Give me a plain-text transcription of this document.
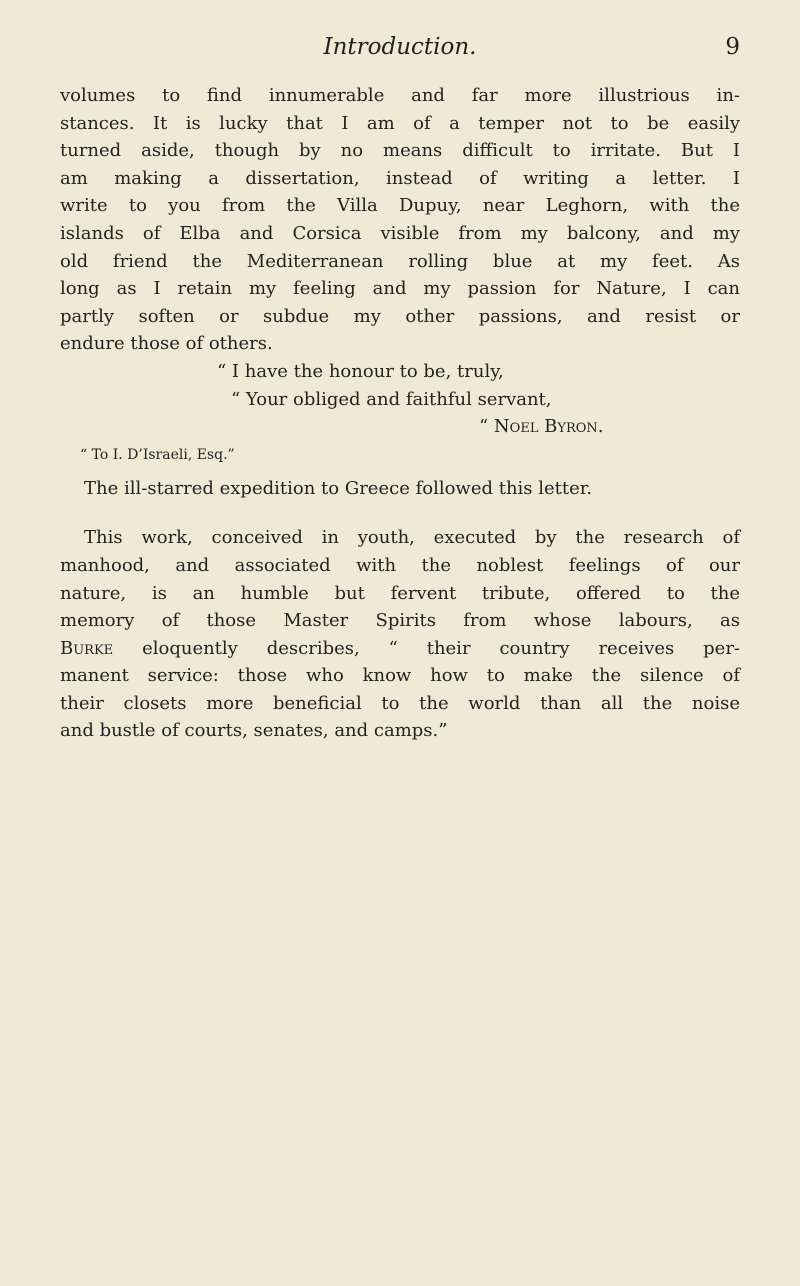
Introduction.	9
volumes to find innumerable and far more illustrious in-
stances. It is lucky that I am of a temper not to be easily
turned aside, though by no means difficult to irritate. But I
am making a dissertation, instead of writing a letter. I
write to you from the Villa Dupuy, near Leghorn, with the
islands of Elba and Corsica visible from my balcony, and my
old friend the Mediterranean rolling blue at my feet. As
long as I retain my feeling and my passion for Nature, I can
partly soften or subdue my other passions, and resist or
endure those of others.
“ I have the honour to be, truly,
“ Your obliged and faithful servant,
“ Noel Byron.
“ To I. D’Israeli, Esq.”
The ill-starred expedition to Greece followed this letter.
This work, conceived in youth, executed by the research of
manhood, and associated with the noblest feelings of our
nature, is an humble but fervent tribute, offered to the
memory of those Master Spirits from whose labours, as
Burke eloquently describes, “ their country receives per-
manent service: those who know how to make the silence of
their closets more beneficial to the world than all the noise
and bustle of courts, senates, and camps.”
